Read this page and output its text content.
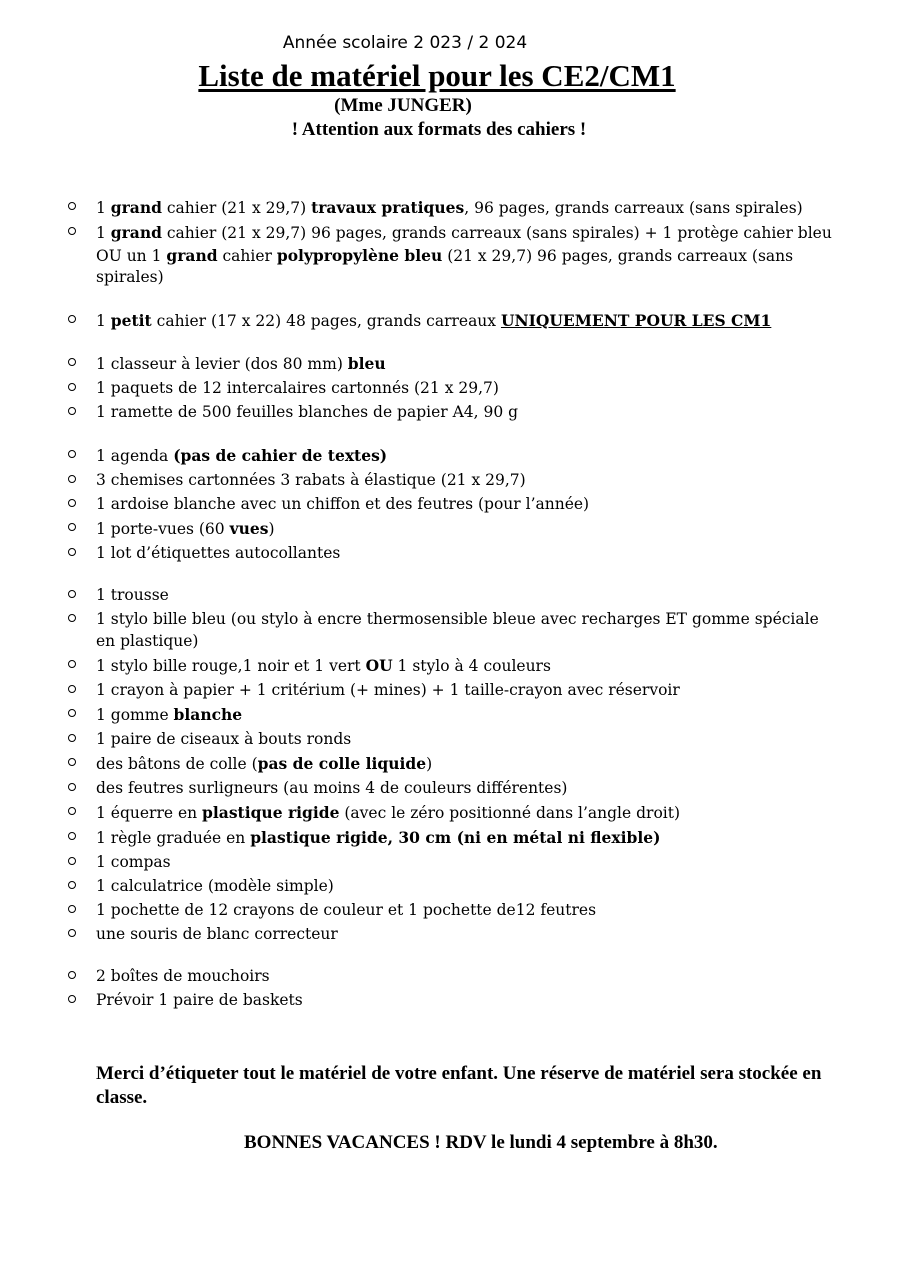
Année scolaire 2 023 / 2 024
Liste de matériel pour les CE2/CM1
(Mme JUNGER)
! Attention aux formats des cahiers !
1 grand cahier (21 x 29,7) travaux pratiques, 96 pages, grands carreaux (sans spirales)
1 grand cahier (21 x 29,7) 96 pages, grands carreaux (sans spirales) + 1 protège cahier bleu OU un 1 grand cahier polypropylène bleu (21 x 29,7) 96 pages, grands carreaux (sans spirales)
1 petit cahier (17 x 22) 48 pages, grands carreaux UNIQUEMENT POUR LES CM1
1 classeur à levier (dos 80 mm) bleu
1 paquets de 12 intercalaires cartonnés (21 x 29,7)
1 ramette de 500 feuilles blanches de papier A4, 90 g
1 agenda (pas de cahier de textes)
3 chemises cartonnées 3 rabats à élastique (21 x 29,7)
1 ardoise blanche avec un chiffon et des feutres (pour l’année)
1 porte-vues (60 vues)
1 lot d’étiquettes autocollantes
1 trousse
1 stylo bille bleu (ou stylo à encre thermosensible bleue avec recharges ET gomme spéciale en plastique)
1 stylo bille rouge,1 noir et 1 vert OU 1 stylo à 4 couleurs
1 crayon à papier + 1 critérium (+ mines) + 1 taille-crayon avec réservoir
1 gomme blanche
1 paire de ciseaux à bouts ronds
des bâtons de colle (pas de colle liquide)
des feutres surligneurs (au moins 4 de couleurs différentes)
1 équerre en plastique rigide (avec le zéro positionné dans l’angle droit)
1 règle graduée en plastique rigide, 30 cm (ni en métal ni flexible)
1 compas
1 calculatrice (modèle simple)
1 pochette de 12 crayons de couleur et 1 pochette de12 feutres
une souris de blanc correcteur
2 boîtes de mouchoirs
Prévoir 1 paire de baskets
Merci d’étiqueter tout le matériel de votre enfant. Une réserve de matériel sera stockée en classe.
BONNES VACANCES ! RDV le lundi 4 septembre à 8h30.
